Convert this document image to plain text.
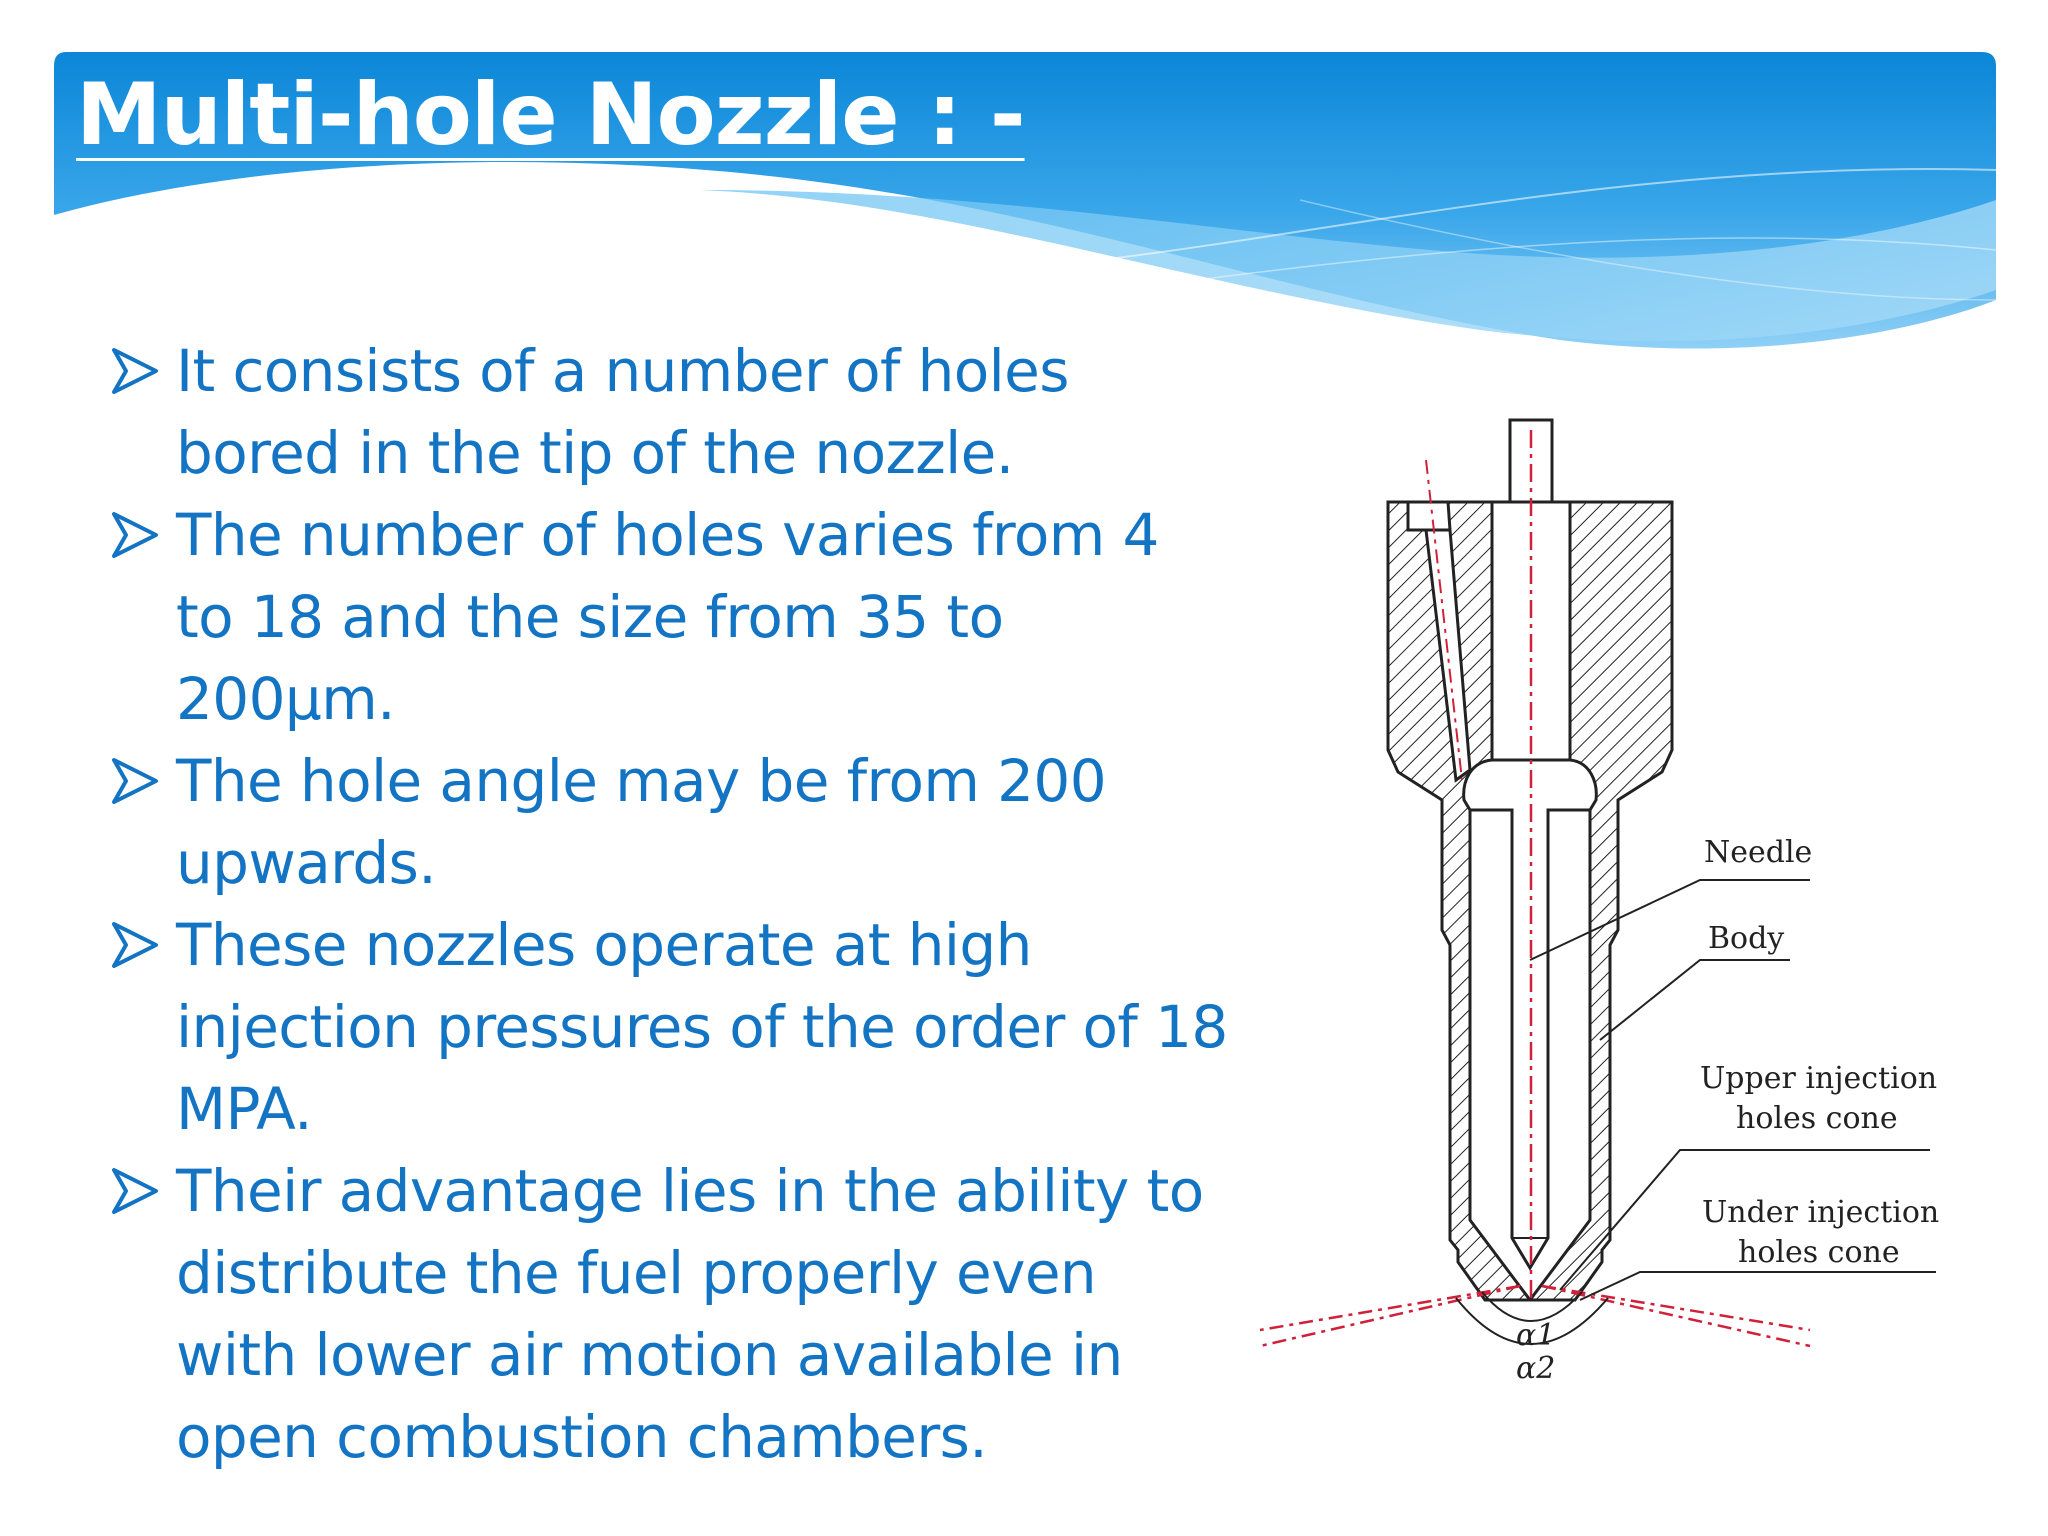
Multi-hole Nozzle : -
It consists of a number of holes bored in the tip of the nozzle.
The number of holes varies from 4 to 18 and the size from 35 to 200μm.
The hole angle may be from 200 upwards.
These nozzles operate at high injection pressures of the order of 18 MPA.
Their advantage lies in the ability to distribute the fuel properly even with lower air motion available in open combustion chambers.
α1
α2
Needle
Body
Upper injection
holes cone
Under injection
holes cone
